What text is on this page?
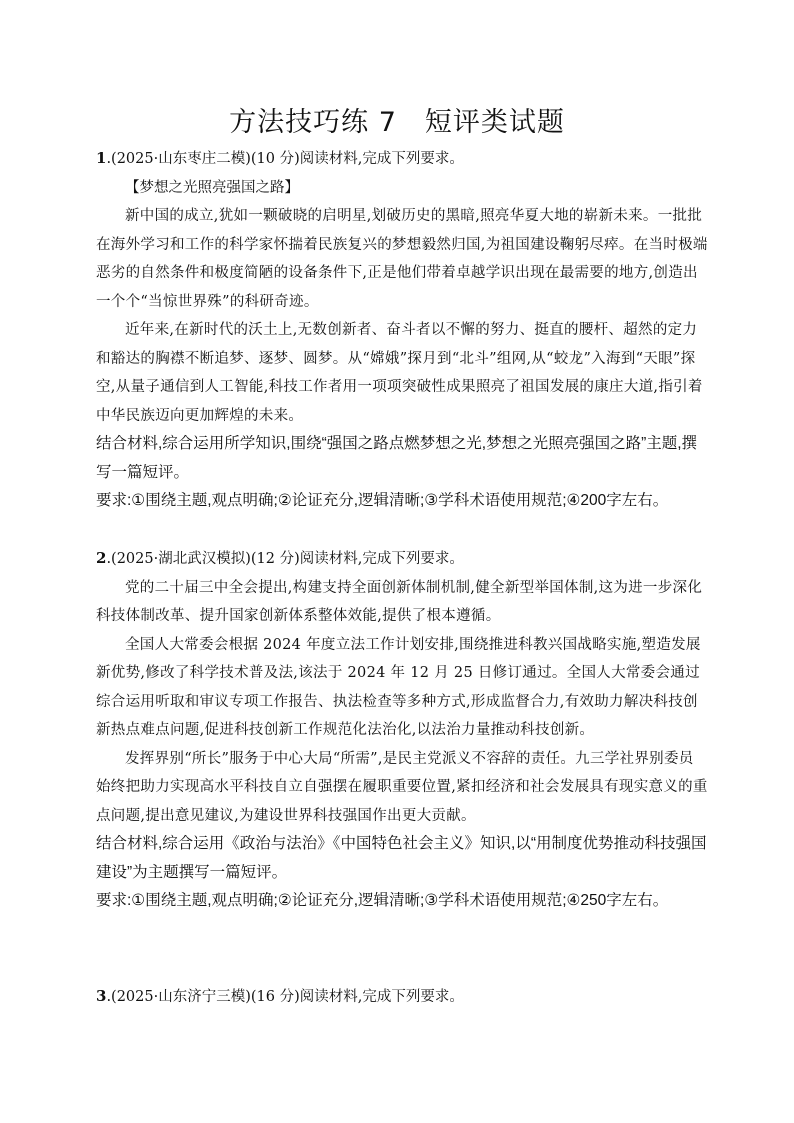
方法技巧练 7　短评类试题

1.(2025·山东枣庄二模)(10 分)阅读材料,完成下列要求。

【梦想之光照亮强国之路】

新中国的成立,犹如一颗破晓的启明星,划破历史的黑暗,照亮华夏大地的崭新未来。一批批在海外学习和工作的科学家怀揣着民族复兴的梦想毅然归国,为祖国建设鞠躬尽瘁。在当时极端恶劣的自然条件和极度简陋的设备条件下,正是他们带着卓越学识出现在最需要的地方,创造出一个个“当惊世界殊”的科研奇迹。

近年来,在新时代的沃土上,无数创新者、奋斗者以不懈的努力、挺直的腰杆、超然的定力和豁达的胸襟不断追梦、逐梦、圆梦。从“嫦娥”探月到“北斗”组网,从“蛟龙”入海到“天眼”探空,从量子通信到人工智能,科技工作者用一项项突破性成果照亮了祖国发展的康庄大道,指引着中华民族迈向更加辉煌的未来。

结合材料,综合运用所学知识,围绕“强国之路点燃梦想之光,梦想之光照亮强国之路”主题,撰写一篇短评。

要求:①围绕主题,观点明确;②论证充分,逻辑清晰;③学科术语使用规范;④200字左右。

2.(2025·湖北武汉模拟)(12 分)阅读材料,完成下列要求。

党的二十届三中全会提出,构建支持全面创新体制机制,健全新型举国体制,这为进一步深化科技体制改革、提升国家创新体系整体效能,提供了根本遵循。

全国人大常委会根据 2024 年度立法工作计划安排,围绕推进科教兴国战略实施,塑造发展新优势,修改了科学技术普及法,该法于 2024 年 12 月 25 日修订通过。全国人大常委会通过综合运用听取和审议专项工作报告、执法检查等多种方式,形成监督合力,有效助力解决科技创新热点难点问题,促进科技创新工作规范化法治化,以法治力量推动科技创新。

发挥界别“所长”服务于中心大局“所需”,是民主党派义不容辞的责任。九三学社界别委员始终把助力实现高水平科技自立自强摆在履职重要位置,紧扣经济和社会发展具有现实意义的重点问题,提出意见建议,为建设世界科技强国作出更大贡献。

结合材料,综合运用《政治与法治》《中国特色社会主义》知识,以“用制度优势推动科技强国建设”为主题撰写一篇短评。

要求:①围绕主题,观点明确;②论证充分,逻辑清晰;③学科术语使用规范;④250字左右。

3.(2025·山东济宁三模)(16 分)阅读材料,完成下列要求。
